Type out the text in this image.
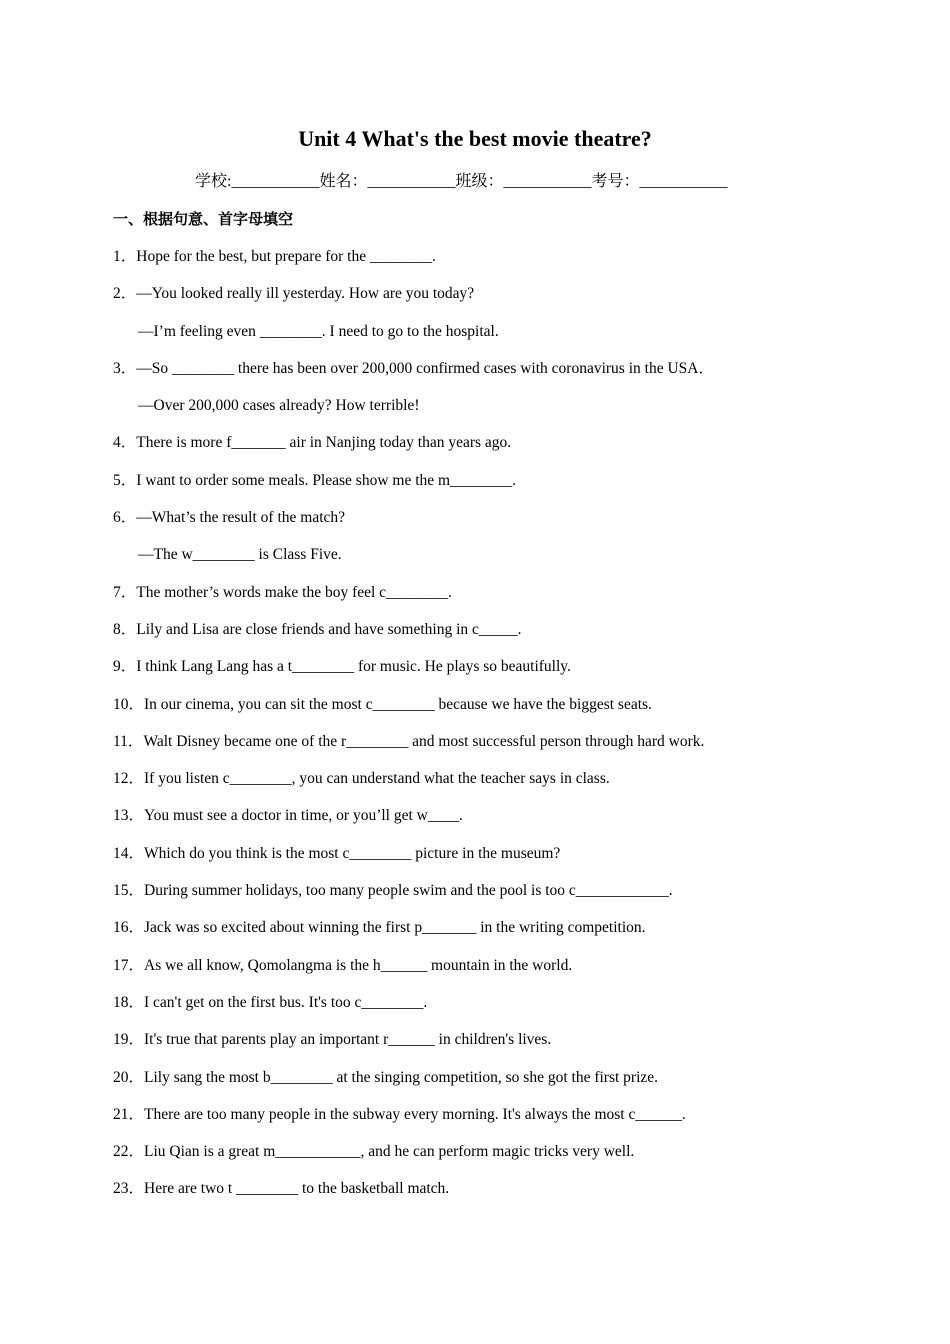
Unit 4 What's the best movie theatre?
学校:___________姓名：___________班级：___________考号：___________
一、根据句意、首字母填空
1．Hope for the best, but prepare for the ________.
2．—You looked really ill yesterday. How are you today?
—I’m feeling even ________. I need to go to the hospital.
3．—So ________ there has been over 200,000 confirmed cases with coronavirus in the USA．
—Over 200,000 cases already? How terrible!
4．There is more f_______ air in Nanjing today than years ago.
5．I want to order some meals. Please show me the m________.
6．—What’s the result of the match?
—The w________ is Class Five.
7．The mother’s words make the boy feel c________.
8．Lily and Lisa are close friends and have something in c_____.
9．I think Lang Lang has a t________ for music. He plays so beautifully.
10．In our cinema, you can sit the most c________ because we have the biggest seats.
11．Walt Disney became one of the r________ and most successful person through hard work.
12．If you listen c________, you can understand what the teacher says in class.
13．You must see a doctor in time, or you’ll get w____.
14．Which do you think is the most c________ picture in the museum?
15．During summer holidays, too many people swim and the pool is too c____________.
16．Jack was so excited about winning the first p_______ in the writing competition.
17．As we all know, Qomolangma is the h______ mountain in the world.
18．I can't get on the first bus. It's too c________.
19．It's true that parents play an important r______ in children's lives.
20．Lily sang the most b________ at the singing competition, so she got the first prize.
21．There are too many people in the subway every morning. It's always the most c______.
22．Liu Qian is a great m___________, and he can perform magic tricks very well.
23．Here are two t ________ to the basketball match.
